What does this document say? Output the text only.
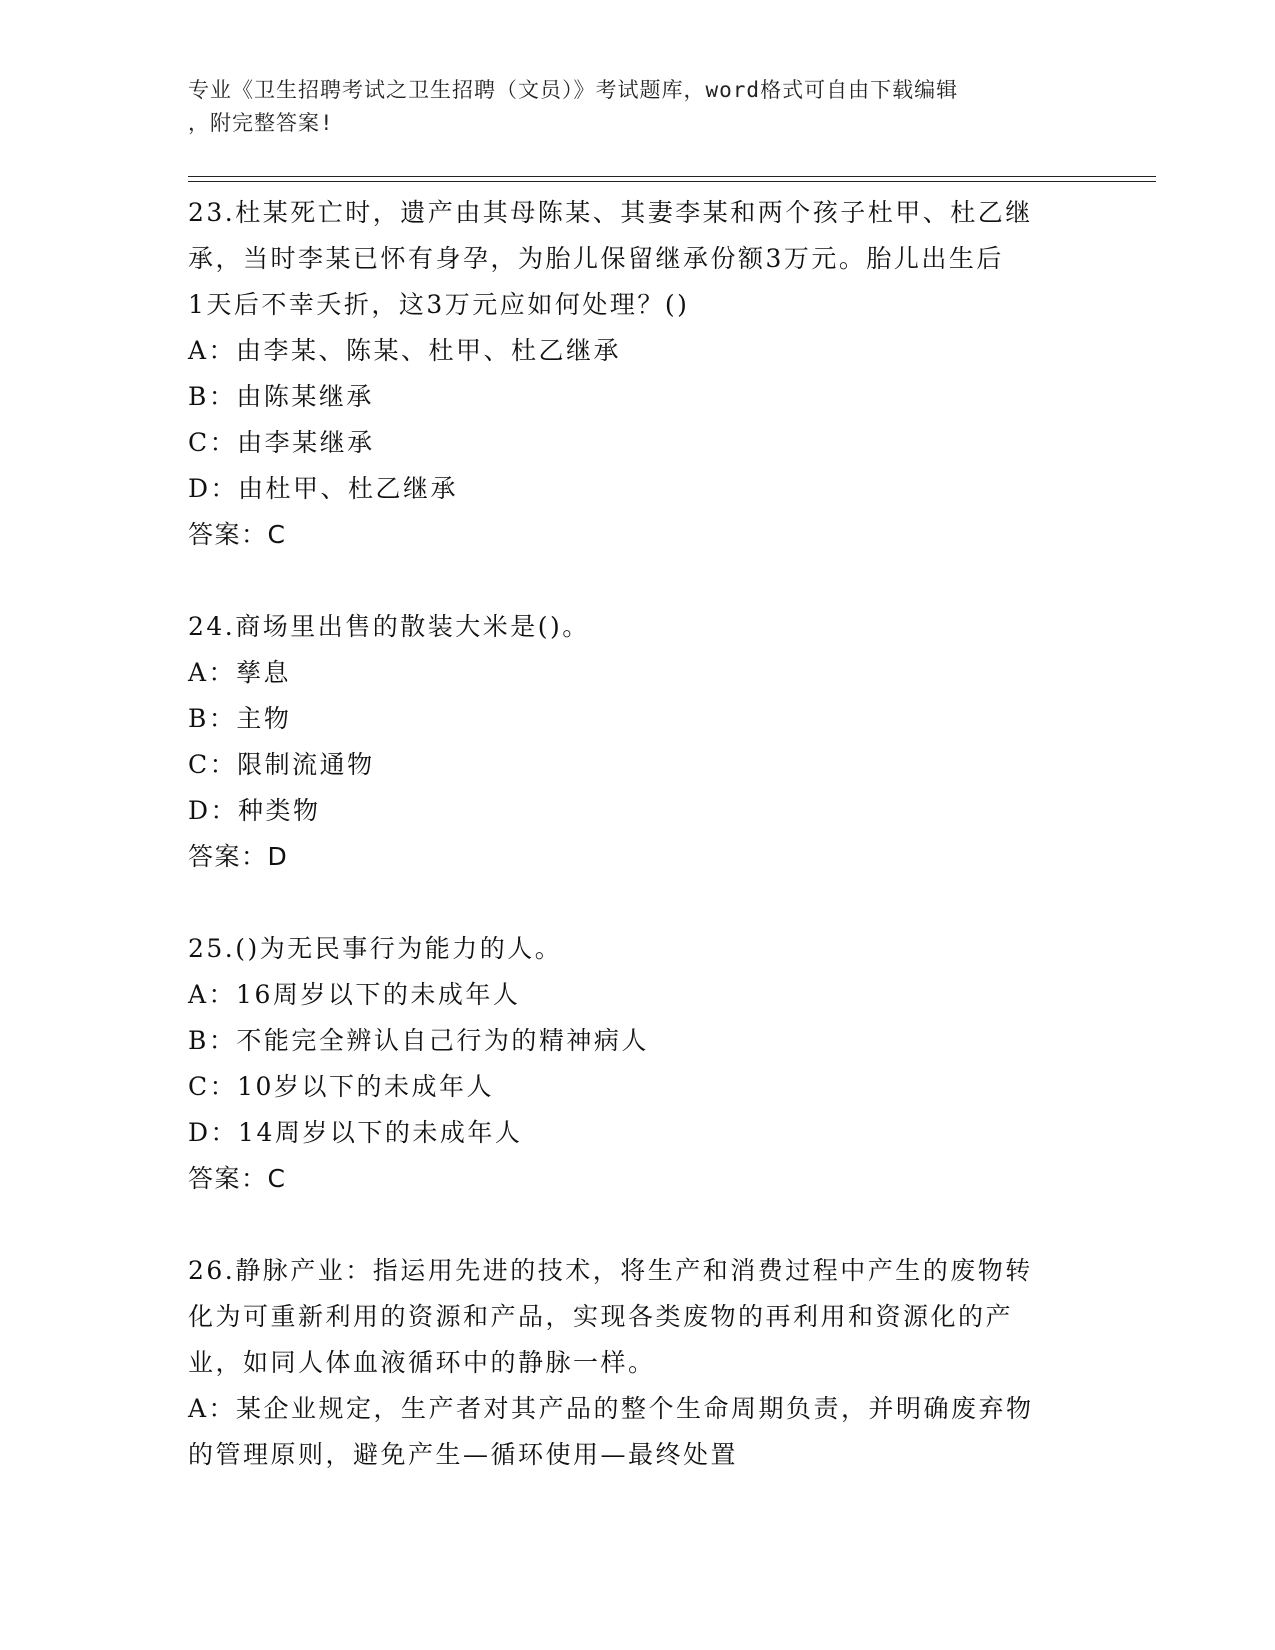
专业《卫生招聘考试之卫生招聘（文员）》考试题库，word格式可自由下载编辑
，附完整答案!

23.杜某死亡时，遗产由其母陈某、其妻李某和两个孩子杜甲、杜乙继

承，当时李某已怀有身孕，为胎儿保留继承份额3万元。胎儿出生后

1天后不幸夭折，这3万元应如何处理？()

A：由李某、陈某、杜甲、杜乙继承

B：由陈某继承

C：由李某继承

D：由杜甲、杜乙继承

答案：C

24.商场里出售的散装大米是()。

A：孳息

B：主物

C：限制流通物

D：种类物

答案：D

25.()为无民事行为能力的人。

A：16周岁以下的未成年人

B：不能完全辨认自己行为的精神病人

C：10岁以下的未成年人

D：14周岁以下的未成年人

答案：C

26.静脉产业：指运用先进的技术，将生产和消费过程中产生的废物转

化为可重新利用的资源和产品，实现各类废物的再利用和资源化的产

业，如同人体血液循环中的静脉一样。

A：某企业规定，生产者对其产品的整个生命周期负责，并明确废弃物

的管理原则，避免产生—循环使用—最终处置
